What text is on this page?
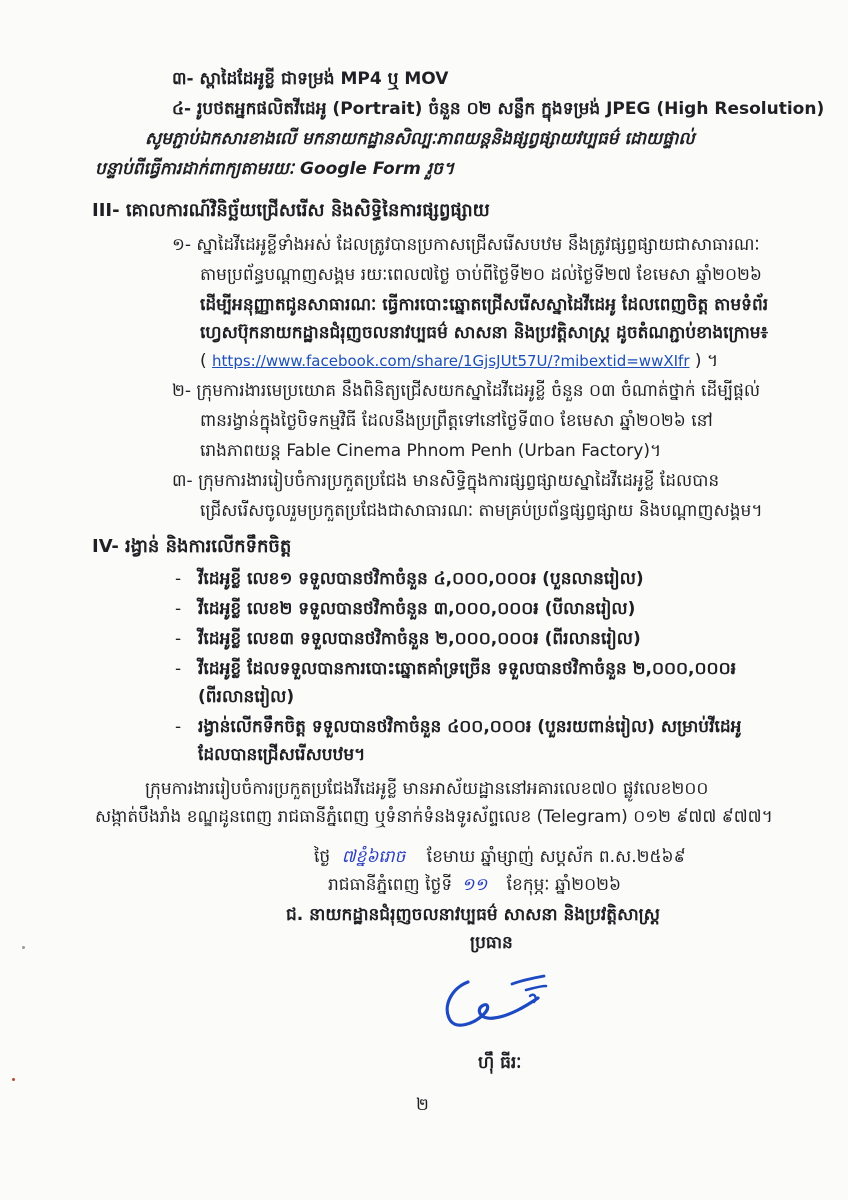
៣- ស្ពាដៃដែអូខ្លី ជាទម្រង់ MP4 ឬ MOV
៤- រូបថតអ្នកផលិតវីដេអូ (Portrait) ចំនួន ០២ សន្លឹក ក្នុងទម្រង់ JPEG (High Resolution)
សូមភ្ជាប់ឯកសារខាងលើ មកនាយកដ្ឋានសិល្បៈភាពយន្តនិងផ្សព្វផ្សាយវប្បធម៌ ដោយផ្ទាល់
បន្ទាប់ពីធ្វើការដាក់ពាក្យតាមរយៈ Google Form រួច។
III- គោលការណ៍វិនិច្ឆ័យជ្រើសរើស និងសិទ្ធិនៃការផ្សព្វផ្សាយ
១- ស្នាដៃវីដេអូខ្លីទាំងអស់ ដែលត្រូវបានប្រកាសជ្រើសរើសបឋម នឹងត្រូវផ្សព្វផ្សាយជាសាធារណៈ
តាមប្រព័ន្ធបណ្តាញសង្គម រយៈពេល៧ថ្ងៃ ចាប់ពីថ្ងៃទី២០ ដល់ថ្ងៃទី២៧ ខែមេសា ឆ្នាំ២០២៦
ដើម្បីអនុញ្ញាតជូនសាធារណៈ ធ្វើការបោះឆ្នោតជ្រើសរើសស្នាដៃវីដេអូ ដែលពេញចិត្ត តាមទំព័រ
ហ្វេសប៊ុកនាយកដ្ឋានជំរុញចលនាវប្បធម៌ សាសនា និងប្រវត្តិសាស្ត្រ ដូចតំណភ្ជាប់ខាងក្រោម៖
( https://www.facebook.com/share/1GjsJUt57U/?mibextid=wwXIfr ) ។
២- ក្រុមការងារមេប្រយោគ នឹងពិនិត្យជ្រើសយកស្នាដៃវីដេអូខ្លី ចំនួន ០៣ ចំណាត់ថ្នាក់ ដើម្បីផ្តល់
ពានរង្វាន់ក្នុងថ្ងៃបិទកម្មវិធី ដែលនឹងប្រព្រឹត្តទៅនៅថ្ងៃទី៣០ ខែមេសា ឆ្នាំ២០២៦ នៅ
រោងភាពយន្ត Fable Cinema Phnom Penh (Urban Factory)។
៣- ក្រុមការងាររៀបចំការប្រកួតប្រជែង មានសិទ្ធិក្នុងការផ្សព្វផ្សាយស្នាដៃវីដេអូខ្លី ដែលបាន
ជ្រើសរើសចូលរួមប្រកួតប្រជែងជាសាធារណៈ តាមគ្រប់ប្រព័ន្ធផ្សព្វផ្សាយ និងបណ្តាញសង្គម។
IV- រង្វាន់ និងការលើកទឹកចិត្ត
- វីដេអូខ្លី លេខ១ ទទួលបានថវិកាចំនួន ៤,០០០,០០០៛ (បួនលានរៀល)
- វីដេអូខ្លី លេខ២ ទទួលបានថវិកាចំនួន ៣,០០០,០០០៛ (បីលានរៀល)
- វីដេអូខ្លី លេខ៣ ទទួលបានថវិកាចំនួន ២,០០០,០០០៛ (ពីរលានរៀល)
- វីដេអូខ្លី ដែលទទួលបានការបោះឆ្នោតគាំទ្រច្រើន ទទួលបានថវិកាចំនួន ២,០០០,០០០៛
(ពីរលានរៀល)
- រង្វាន់លើកទឹកចិត្ត ទទួលបានថវិកាចំនួន ៤០០,០០០៛ (បួនរយពាន់រៀល) សម្រាប់វីដេអូ
ដែលបានជ្រើសរើសបឋម។
ក្រុមការងាររៀបចំការប្រកួតប្រជែងវីដេអូខ្លី មានអាស័យដ្ឋាននៅអគារលេខ៧០ ផ្លូវលេខ២០០
សង្កាត់បឹងរាំង ខណ្ឌដូនពេញ រាជធានីភ្នំពេញ ឬទំនាក់ទំនងទូរស័ព្ទលេខ (Telegram) ០១២ ៩៧៧ ៩៧៧។
ថ្ងៃ ៧ខ្នំ៦រោច ខែមាឃ ឆ្នាំម្សាញ់ សប្តស័ក ព.ស.២៥៦៩
រាជធានីភ្នំពេញ ថ្ងៃទី ១១ ខែកុម្ភៈ ឆ្នាំ២០២៦
ជ. នាយកដ្ឋានជំរុញចលនាវប្បធម៌ សាសនា និងប្រវត្តិសាស្ត្រ
ប្រធាន
ហ៊ឹ ធីរៈ
២
